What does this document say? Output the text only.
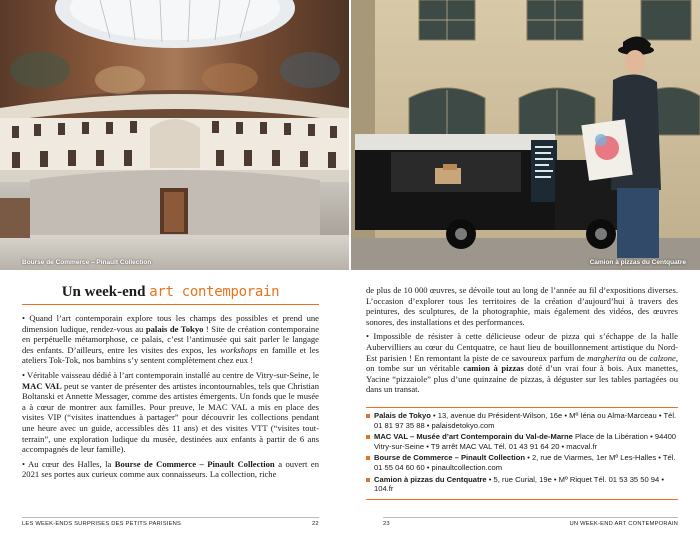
Bourse de Commerce – Pinault Collection	Camion à pizzas du Centquatre
Un week-end art contemporain

• Quand l’art contemporain explore tous les champs des possibles et prend une dimension ludique, rendez-vous au palais de Tokyo ! Site de création contemporaine en perpétuelle métamorphose, ce palais, c’est l’antimusée qui sait parler le langage des enfants. D’ailleurs, entre les visites des expos, les workshops en famille et les ateliers Tok-Tok, nos bambins s’y sentent complètement chez eux !

• Véritable vaisseau dédié à l’art contemporain installé au centre de Vitry-sur-Seine, le MAC VAL peut se vanter de présenter des artistes incontournables, tels que Christian Boltanski et Annette Messager, comme des artistes émergents. Un fonds que le musée a à cœur de montrer aux familles. Pour preuve, le MAC VAL a mis en place des visites VIP (“visites inattendues à partager” pour découvrir les collections pendant une heure avec un guide, accessibles dès 11 ans) et des visites VTT (“visites tout-terrain”, une exploration ludique du musée, destinées aux enfants à partir de 6 ans accompagnés de leur famille).

• Au cœur des Halles, la Bourse de Commerce – Pinault Collection a ouvert en 2021 ses portes aux curieux comme aux connaisseurs. La collection, riche

de plus de 10 000 œuvres, se dévoile tout au long de l’année au fil d’expositions diverses. L’occasion d’explorer tous les territoires de la création d’aujourd’hui à travers des peintures, des sculptures, de la photographie, mais également des vidéos, des œuvres sonores, des installations et des performances.

• Impossible de résister à cette délicieuse odeur de pizza qui s’échappe de la halle Aubervilliers au cœur du Centquatre, ce haut lieu de bouillonnement artistique du Nord-Est parisien ! En remontant la piste de ce savoureux parfum de margherita ou de calzone, on tombe sur un véritable camion à pizzas doté d’un vrai four à bois. Aux manettes, Yacine “pizzaiole” plus d’une quinzaine de pizzas, à déguster sur les tables partagées ou dans un transat.

Palais de Tokyo • 13, avenue du Président-Wilson, 16e • Mº Iéna ou Alma-Marceau • Tél. 01 81 97 35 88 • palaisdetokyo.com
MAC VAL – Musée d’art Contemporain du Val-de-Marne Place de la Libération • 94400 Vitry-sur-Seine • T9 arrêt MAC VAL Tél. 01 43 91 64 20 • macval.fr
Bourse de Commerce – Pinault Collection • 2, rue de Viarmes, 1er Mº Les-Halles • Tél. 01 55 04 60 60 • pinaultcollection.com
Camion à pizzas du Centquatre • 5, rue Curial, 19e • Mº Riquet Tél. 01 53 35 50 94 • 104.fr
LES WEEK-ENDS SURPRISES DES PETITS PARISIENS	22	23	UN WEEK-END ART CONTEMPORAIN
